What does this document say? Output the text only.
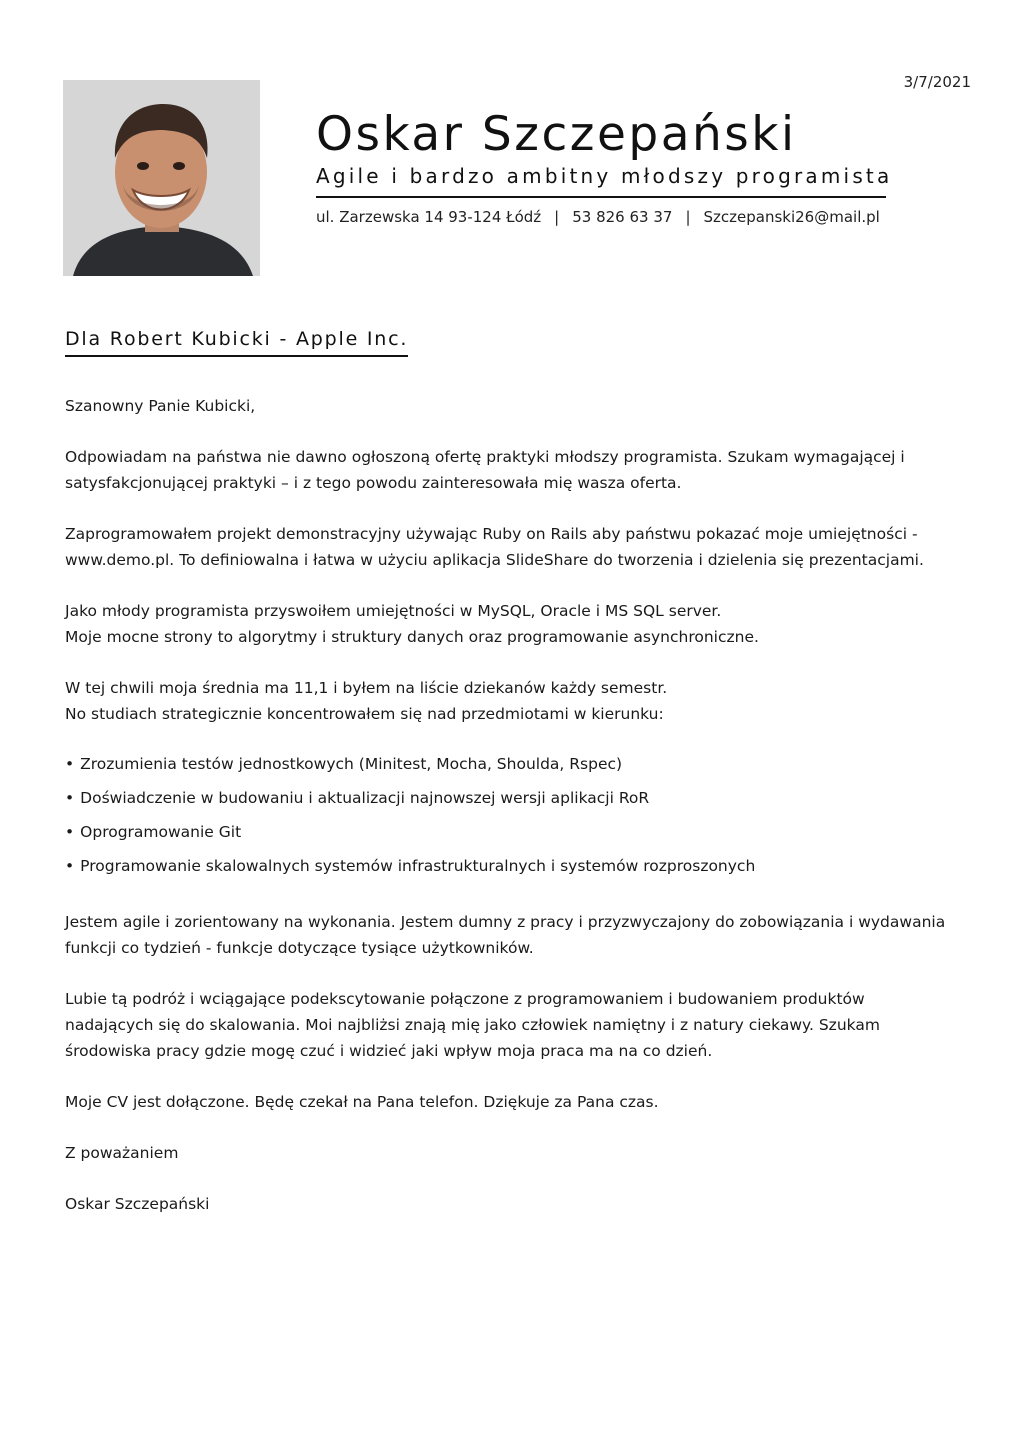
3/7/2021
Oskar Szczepański
Agile i bardzo ambitny młodszy programista
ul. Zarzewska 14 93-124 Łódź | 53 826 63 37 | Szczepanski26@mail.pl
Dla Robert Kubicki - Apple Inc.

Szanowny Panie Kubicki,

Odpowiadam na państwa nie dawno ogłoszoną ofertę praktyki młodszy programista. Szukam wymagającej i satysfakcjonującej praktyki – i z tego powodu zainteresowała mię wasza oferta.

Zaprogramowałem projekt demonstracyjny używając Ruby on Rails aby państwu pokazać moje umiejętności - www.demo.pl. To definiowalna i łatwa w użyciu aplikacja SlideShare do tworzenia i dzielenia się prezentacjami.

Jako młody programista przyswoiłem umiejętności w MySQL, Oracle i MS SQL server.
Moje mocne strony to algorytmy i struktury danych oraz programowanie asynchroniczne.

W tej chwili moja średnia ma 11,1 i byłem na liście dziekanów każdy semestr.
No studiach strategicznie koncentrowałem się nad przedmiotami w kierunku:

• Zrozumienia testów jednostkowych (Minitest, Mocha, Shoulda, Rspec)
• Doświadczenie w budowaniu i aktualizacji najnowszej wersji aplikacji RoR
• Oprogramowanie Git
• Programowanie skalowalnych systemów infrastrukturalnych i systemów rozproszonych

Jestem agile i zorientowany na wykonania. Jestem dumny z pracy i przyzwyczajony do zobowiązania i wydawania funkcji co tydzień - funkcje dotyczące tysiące użytkowników.

Lubie tą podróż i wciągające podekscytowanie połączone z programowaniem i budowaniem produktów nadających się do skalowania. Moi najbliżsi znają mię jako człowiek namiętny i z natury ciekawy. Szukam środowiska pracy gdzie mogę czuć i widzieć jaki wpływ moja praca ma na co dzień.

Moje CV jest dołączone. Będę czekał na Pana telefon. Dziękuje za Pana czas.

Z poważaniem

Oskar Szczepański
